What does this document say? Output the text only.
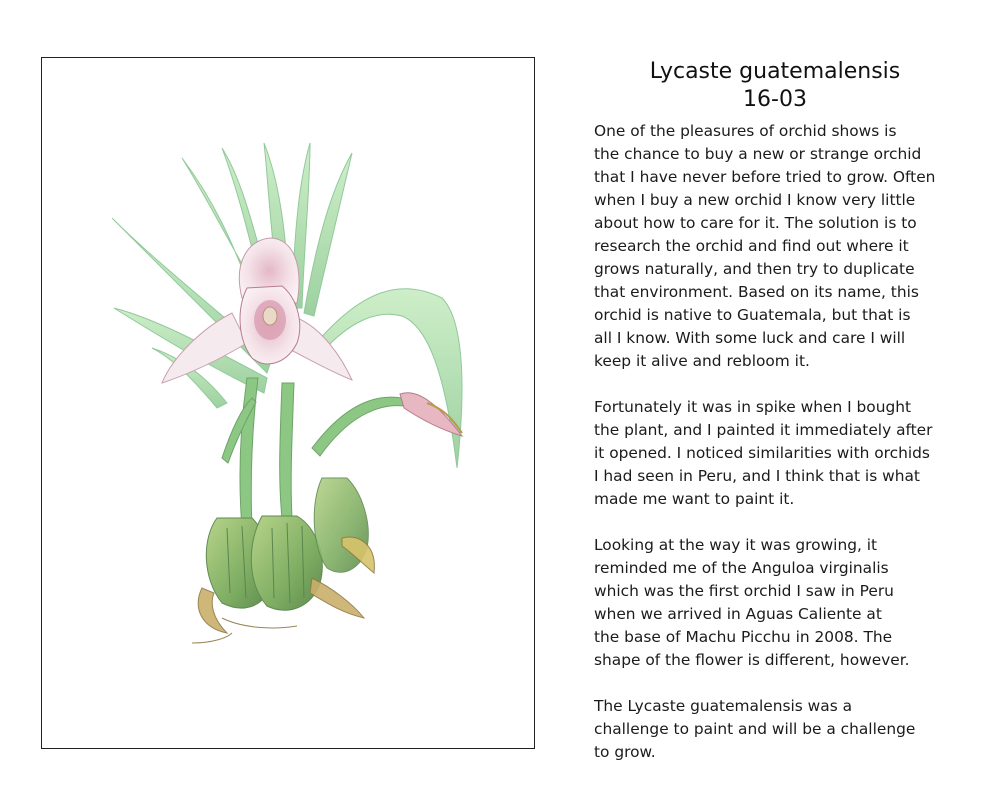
Lycaste guatemalensis
16-03

One of the pleasures of orchid shows is
the chance to buy a new or strange orchid
that I have never before tried to grow. Often
when I buy a new orchid I know very little
about how to care for it. The solution is to
research the orchid and find out where it
grows naturally, and then try to duplicate
that environment. Based on its name, this
orchid is native to Guatemala, but that is
all I know. With some luck and care I will
keep it alive and rebloom it.

Fortunately it was in spike when I bought
the plant, and I painted it immediately after
it opened. I noticed similarities with orchids
I had seen in Peru, and I think that is what
made me want to paint it.

Looking at the way it was growing, it
reminded me of the Anguloa virginalis
which was the first orchid I saw in Peru
when we arrived in Aguas Caliente at
the base of Machu Picchu in 2008. The
shape of the flower is different, however.

The Lycaste guatemalensis was a
challenge to paint and will be a challenge
to grow.
